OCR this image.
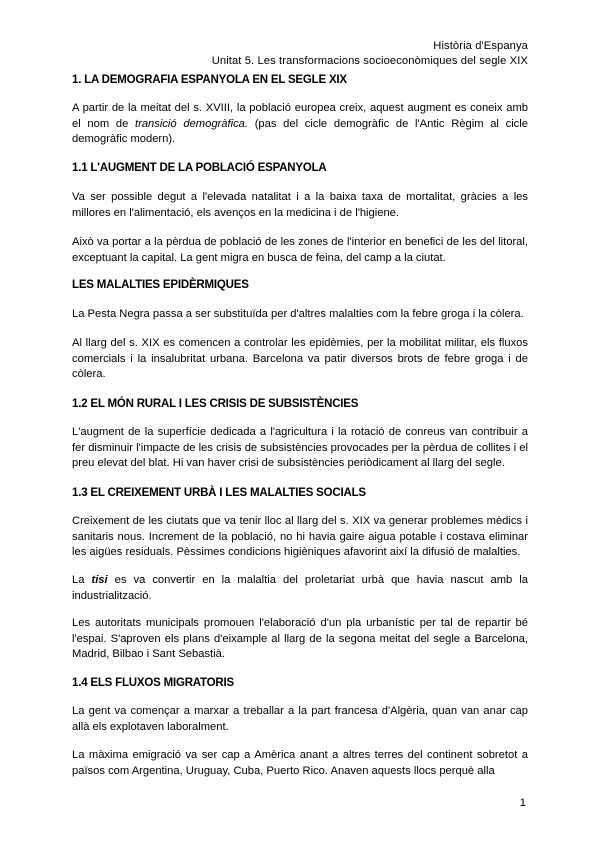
Història d'Espanya
Unitat 5. Les transformacions socioeconòmiques del segle XIX
1. LA DEMOGRAFIA ESPANYOLA EN EL SEGLE XIX
A partir de la meitat del s. XVIII, la població europea creix, aquest augment es coneix amb el nom de transició demogràfica. (pas del cicle demogràfic de l'Antic Règim al cicle demogràfic modern).
1.1 L'AUGMENT DE LA POBLACIÓ ESPANYOLA
Va ser possible degut a l'elevada natalitat i a la baixa taxa de mortalitat, gràcies a les millores en l'alimentació, els avenços en la medicina i de l'higiene.
Això va portar a la pèrdua de població de les zones de l'interior en benefici de les del litoral, exceptuant la capital. La gent migra en busca de feina, del camp a la ciutat.
LES MALALTIES EPIDÈRMIQUES
La Pesta Negra passa a ser substituïda per d'altres malalties com la febre groga i la còlera.
Al llarg del s. XIX es comencen a controlar les epidèmies, per la mobilitat militar, els fluxos comercials i la insalubritat urbana. Barcelona va patir diversos brots de febre groga i de còlera.
1.2 EL MÓN RURAL I LES CRISIS DE SUBSISTÈNCIES
L'augment de la superfície dedicada a l'agricultura i la rotació de conreus van contribuir a fer disminuir l'impacte de les crisis de subsistències provocades per la pèrdua de collites i el preu elevat del blat. Hi van haver crisi de subsistències periòdicament al llarg del segle.
1.3 EL CREIXEMENT URBÀ I LES MALALTIES SOCIALS
Creixement de les ciutats que va tenir lloc al llarg del s. XIX va generar problemes mèdics i sanitaris nous. Increment de la població, no hi havia gaire aigua potable i costava eliminar les aigües residuals. Pèssimes condicions higièniques afavorint així la difusió de malalties.
La tisi es va convertir en la malaltia del proletariat urbà que havia nascut amb la industrialització.
Les autoritats municipals promouen l'elaboració d'un pla urbanístic per tal de repartir bé l'espai. S'aproven els plans d'eixample al llarg de la segona meitat del segle a Barcelona, Madrid, Bilbao i Sant Sebastià.
1.4 ELS FLUXOS MIGRATORIS
La gent va començar a marxar a treballar a la part francesa d'Algèria, quan van anar cap allà els explotaven laboralment.
La màxima emigració va ser cap a Amèrica anant a altres terres del continent sobretot a països com Argentina, Uruguay, Cuba, Puerto Rico. Anaven aquests llocs perquè alla
1
